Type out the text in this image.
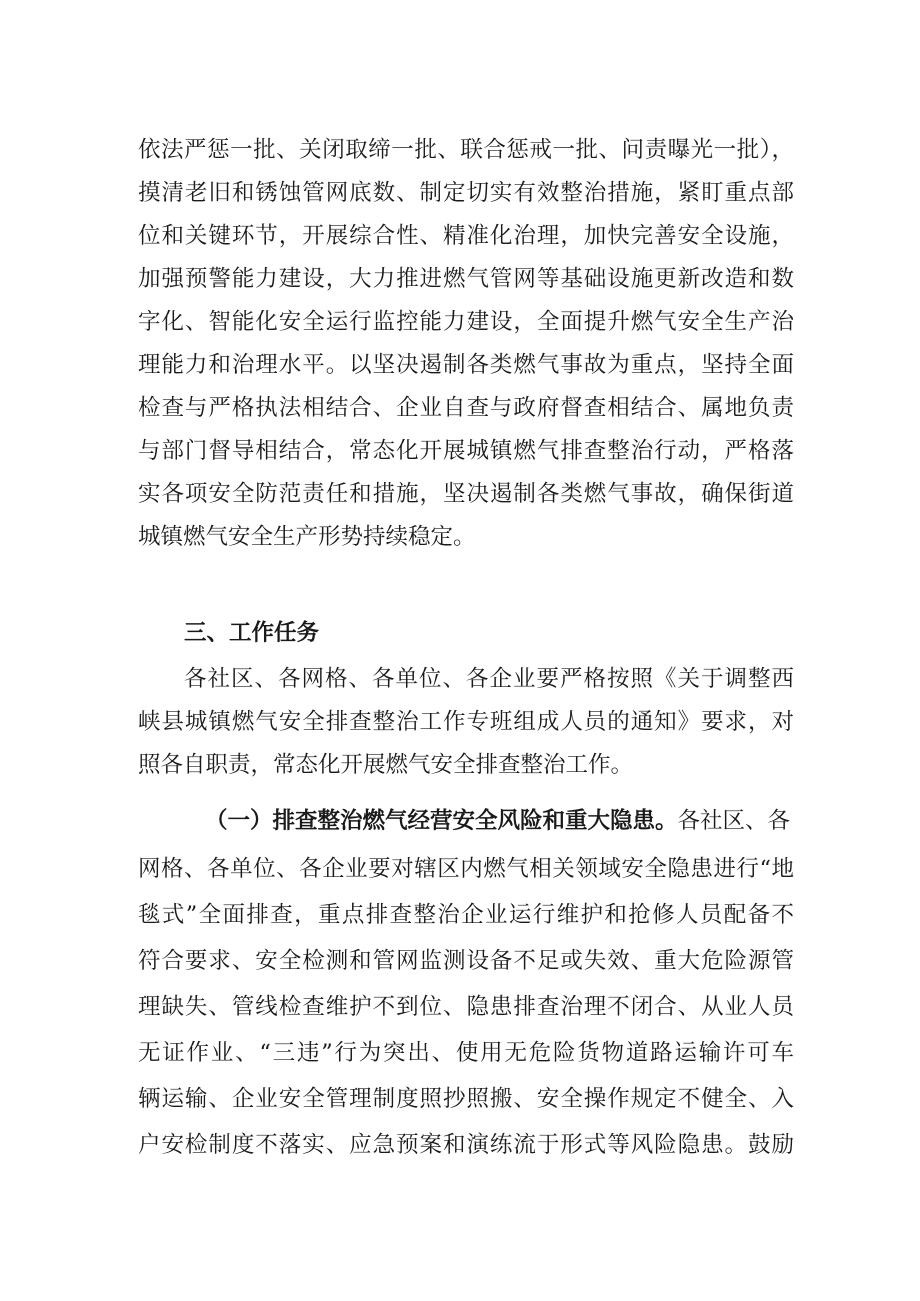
依法严惩一批、关闭取缔一批、联合惩戒一批、问责曝光一批），
摸清老旧和锈蚀管网底数、制定切实有效整治措施，紧盯重点部
位和关键环节，开展综合性、精准化治理，加快完善安全设施，
加强预警能力建设，大力推进燃气管网等基础设施更新改造和数
字化、智能化安全运行监控能力建设，全面提升燃气安全生产治
理能力和治理水平。以坚决遏制各类燃气事故为重点，坚持全面
检查与严格执法相结合、企业自查与政府督查相结合、属地负责
与部门督导相结合，常态化开展城镇燃气排查整治行动，严格落
实各项安全防范责任和措施，坚决遏制各类燃气事故，确保街道
城镇燃气安全生产形势持续稳定。
三、工作任务
各社区、各网格、各单位、各企业要严格按照《关于调整西
峡县城镇燃气安全排查整治工作专班组成人员的通知》要求，对
照各自职责，常态化开展燃气安全排查整治工作。
（一）排查整治燃气经营安全风险和重大隐患。各社区、各
网格、各单位、各企业要对辖区内燃气相关领域安全隐患进行“地
毯式”全面排查，重点排查整治企业运行维护和抢修人员配备不
符合要求、安全检测和管网监测设备不足或失效、重大危险源管
理缺失、管线检查维护不到位、隐患排查治理不闭合、从业人员
无证作业、“三违”行为突出、使用无危险货物道路运输许可车
辆运输、企业安全管理制度照抄照搬、安全操作规定不健全、入
户安检制度不落实、应急预案和演练流于形式等风险隐患。鼓励
